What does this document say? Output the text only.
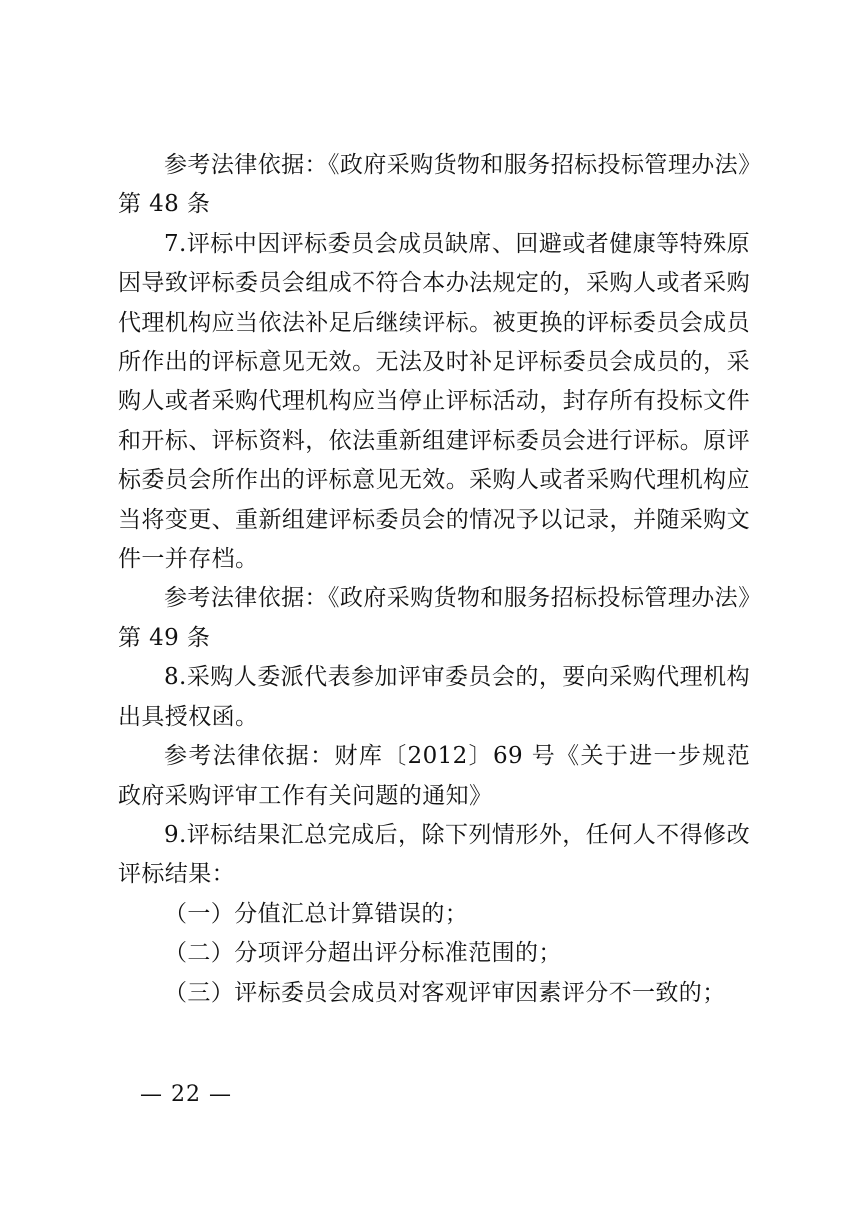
参考法律依据：《政府采购货物和服务招标投标管理办法》第 48 条

7.评标中因评标委员会成员缺席、回避或者健康等特殊原因导致评标委员会组成不符合本办法规定的，采购人或者采购代理机构应当依法补足后继续评标。被更换的评标委员会成员所作出的评标意见无效。无法及时补足评标委员会成员的，采购人或者采购代理机构应当停止评标活动，封存所有投标文件和开标、评标资料，依法重新组建评标委员会进行评标。原评标委员会所作出的评标意见无效。采购人或者采购代理机构应当将变更、重新组建评标委员会的情况予以记录，并随采购文件一并存档。

参考法律依据：《政府采购货物和服务招标投标管理办法》第 49 条

8.采购人委派代表参加评审委员会的，要向采购代理机构出具授权函。

参考法律依据：财库〔2012〕69 号《关于进一步规范政府采购评审工作有关问题的通知》

9.评标结果汇总完成后，除下列情形外，任何人不得修改评标结果：

（一）分值汇总计算错误的；

（二）分项评分超出评分标准范围的；

（三）评标委员会成员对客观评审因素评分不一致的；

— 22 —
